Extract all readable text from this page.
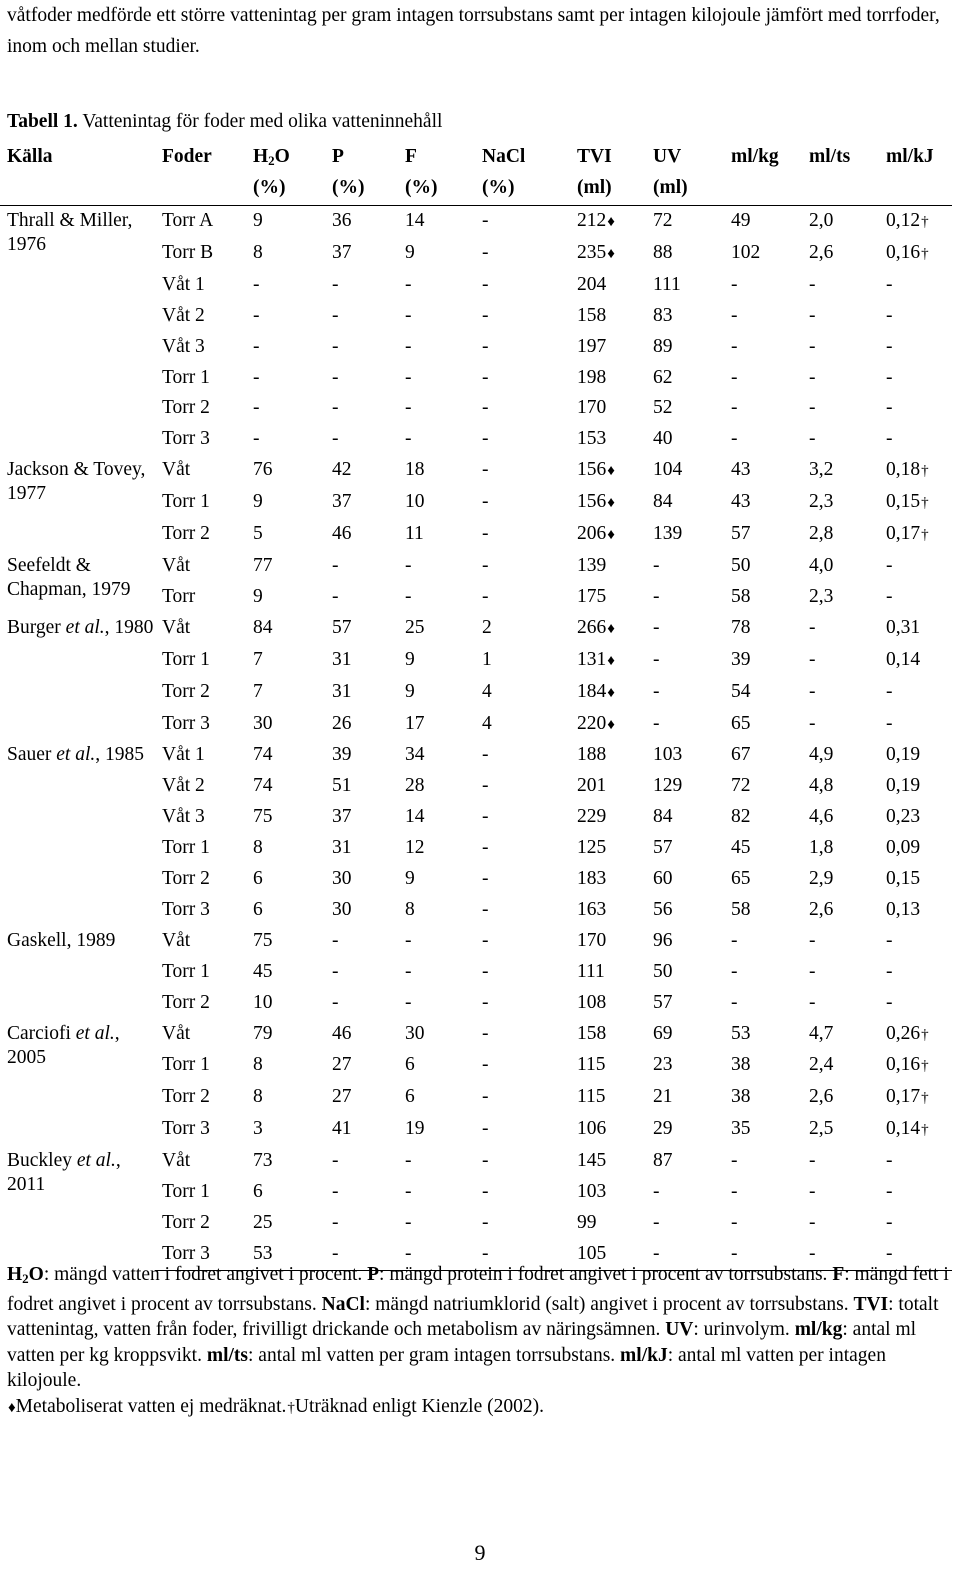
våtfoder medförde ett större vattenintag per gram intagen torrsubstans samt per intagen kilojoule jämfört med torrfoder, inom och mellan studier.

Tabell 1. Vattenintag för foder med olika vatteninnehåll

Källa	Foder	$H_2O$	P	F	NaCl	TVI	UV	ml/kg	ml/ts	ml/kJ
		(%)	(%)	(%)	(%)	(ml)	(ml)			
Thrall & Miller, 1976	Torr A	9	36	14	-	212♦	72	49	2,0	0,12†
	Torr B	8	37	9	-	235♦	88	102	2,6	0,16†
	Våt 1	-	-	-	-	204	111	-	-	-
	Våt 2	-	-	-	-	158	83	-	-	-
	Våt 3	-	-	-	-	197	89	-	-	-
	Torr 1	-	-	-	-	198	62	-	-	-
	Torr 2	-	-	-	-	170	52	-	-	-
	Torr 3	-	-	-	-	153	40	-	-	-
Jackson & Tovey, 1977	Våt	76	42	18	-	156♦	104	43	3,2	0,18†
	Torr 1	9	37	10	-	156♦	84	43	2,3	0,15†
	Torr 2	5	46	11	-	206♦	139	57	2,8	0,17†
Seefeldt & Chapman, 1979	Våt	77	-	-	-	139	-	50	4,0	-
	Torr	9	-	-	-	175	-	58	2,3	-
Burger et al., 1980	Våt	84	57	25	2	266♦	-	78	-	0,31
	Torr 1	7	31	9	1	131♦	-	39	-	0,14
	Torr 2	7	31	9	4	184♦	-	54	-	-
	Torr 3	30	26	17	4	220♦	-	65	-	-
Sauer et al., 1985	Våt 1	74	39	34	-	188	103	67	4,9	0,19
	Våt 2	74	51	28	-	201	129	72	4,8	0,19
	Våt 3	75	37	14	-	229	84	82	4,6	0,23
	Torr 1	8	31	12	-	125	57	45	1,8	0,09
	Torr 2	6	30	9	-	183	60	65	2,9	0,15
	Torr 3	6	30	8	-	163	56	58	2,6	0,13
Gaskell, 1989	Våt	75	-	-	-	170	96	-	-	-
	Torr 1	45	-	-	-	111	50	-	-	-
	Torr 2	10	-	-	-	108	57	-	-	-
Carciofi et al., 2005	Våt	79	46	30	-	158	69	53	4,7	0,26†
	Torr 1	8	27	6	-	115	23	38	2,4	0,16†
	Torr 2	8	27	6	-	115	21	38	2,6	0,17†
	Torr 3	3	41	19	-	106	29	35	2,5	0,14†
Buckley et al., 2011	Våt	73	-	-	-	145	87	-	-	-
	Torr 1	6	-	-	-	103	-	-	-	-
	Torr 2	25	-	-	-	99	-	-	-	-
	Torr 3	53	-	-	-	105	-	-	-	-

$H_2O$: mängd vatten i fodret angivet i procent. P: mängd protein i fodret angivet i procent av torrsubstans. F: mängd fett i fodret angivet i procent av torrsubstans. NaCl: mängd natriumklorid (salt) angivet i procent av torrsubstans. TVI: totalt vattenintag, vatten från foder, frivilligt drickande och metabolism av näringsämnen. UV: urinvolym. ml/kg: antal ml vatten per kg kroppsvikt. ml/ts: antal ml vatten per gram intagen torrsubstans. ml/kJ: antal ml vatten per intagen kilojoule.
♦Metaboliserat vatten ej medräknat.†Uträknad enligt Kienzle (2002).

9
